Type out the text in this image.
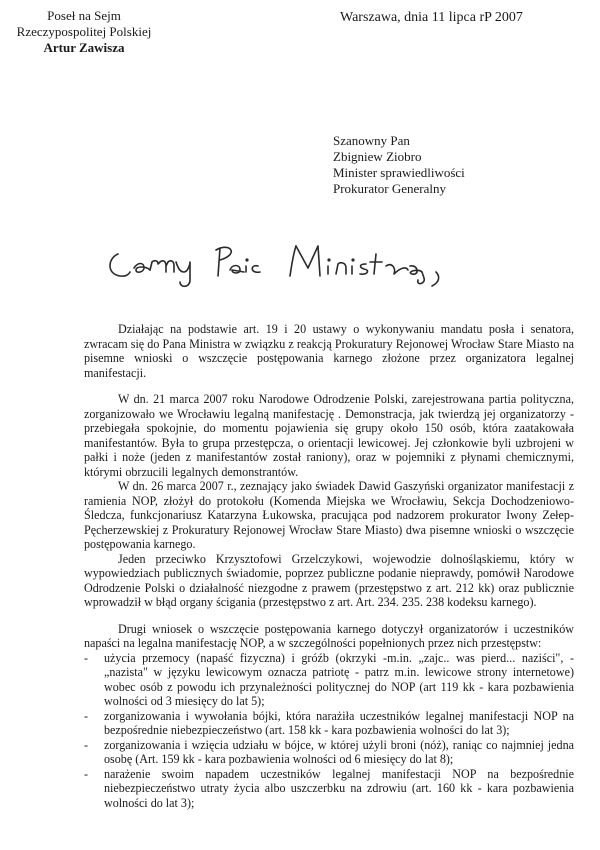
Poseł na Sejm
Rzeczypospolitej Polskiej
Artur Zawisza
Warszawa, dnia 11 lipca rP 2007
Szanowny Pan
Zbigniew Ziobro
Minister sprawiedliwości
Prokurator Generalny

Działając na podstawie art. 19 i 20 ustawy o wykonywaniu mandatu posła i senatora, zwracam się do Pana Ministra w związku z reakcją Prokuratury Rejonowej Wrocław Stare Miasto na pisemne wnioski o wszczęcie postępowania karnego złożone przez organizatora legalnej manifestacji.

W dn. 21 marca 2007 roku Narodowe Odrodzenie Polski, zarejestrowana partia polityczna, zorganizowało we Wrocławiu legalną manifestację . Demonstracja, jak twierdzą jej organizatorzy - przebiegała spokojnie, do momentu pojawienia się grupy około 150 osób, która zaatakowała manifestantów. Była to grupa przestępcza, o orientacji lewicowej. Jej członkowie byli uzbrojeni w pałki i noże (jeden z manifestantów został raniony), oraz w pojemniki z płynami chemicznymi, którymi obrzucili legalnych demonstrantów.

W dn. 26 marca 2007 r., zeznający jako świadek Dawid Gaszyński organizator manifestacji z ramienia NOP, złożył do protokołu (Komenda Miejska we Wrocławiu, Sekcja Dochodzeniowo-Śledcza, funkcjonariusz Katarzyna Łukowska, pracująca pod nadzorem prokurator Iwony Zełep-Pęcherzewskiej z Prokuratury Rejonowej Wrocław Stare Miasto) dwa pisemne wnioski o wszczęcie postępowania karnego.

Jeden przeciwko Krzysztofowi Grzelczykowi, wojewodzie dolnośląskiemu, który w wypowiedziach publicznych świadomie, poprzez publiczne podanie nieprawdy, pomówił Narodowe Odrodzenie Polski o działalność niezgodne z prawem (przestępstwo z art. 212 kk) oraz publicznie wprowadził w błąd organy ścigania (przestępstwo z art. Art. 234. 235. 238 kodeksu karnego).

Drugi wniosek o wszczęcie postępowania karnego dotyczył organizatorów i uczestników napaści na legalna manifestację NOP, a w szczególności popełnionych przez nich przestępstw:

- użycia przemocy (napaść fizyczna) i gróźb (okrzyki -m.in. „zajc.. was pierd... naziści", - „nazista" w języku lewicowym oznacza patriotę - patrz m.in. lewicowe strony internetowe) wobec osób z powodu ich przynależności politycznej do NOP (art 119 kk - kara pozbawienia wolności od 3 miesięcy do lat 5);
- zorganizowania i wywołania bójki, która narażiła uczestników legalnej manifestacji NOP na bezpośrednie niebezpieczeństwo (art. 158 kk - kara pozbawienia wolności do lat 3);
- zorganizowania i wzięcia udziału w bójce, w której użyli broni (nóż), raniąc co najmniej jedna osobę (Art. 159 kk - kara pozbawienia wolności od 6 miesięcy do lat 8);
- narażenie swoim napadem uczestników legalnej manifestacji NOP na bezpośrednie niebezpieczeństwo utraty życia albo uszczerbku na zdrowiu (art. 160 kk - kara pozbawienia wolności do lat 3);
